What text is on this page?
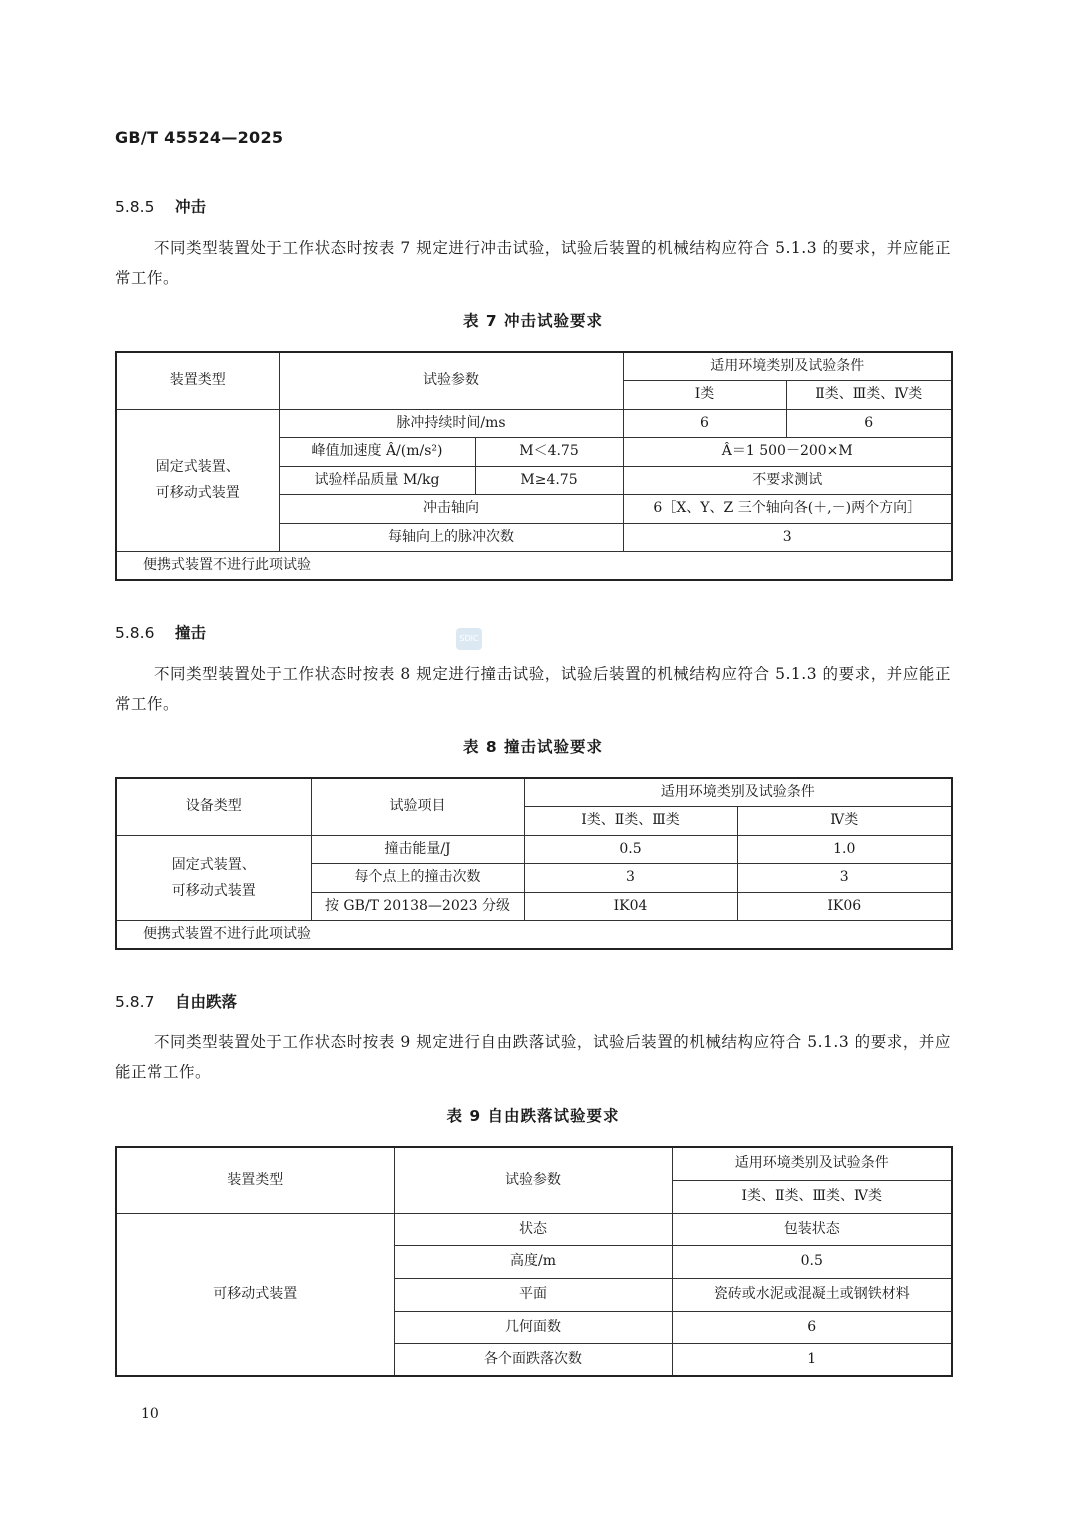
GB/T 45524—2025
5.8.5 冲击
不同类型装置处于工作状态时按表 7 规定进行冲击试验，试验后装置的机械结构应符合 5.1.3 的要求，并应能正常工作。
表 7 冲击试验要求
装置类型	试验参数		适用环境类别及试验条件	
			Ⅰ类	Ⅱ类、Ⅲ类、Ⅳ类
固定式装置、
可移动式装置	脉冲持续时间/ms		6	6
	峰值加速度 Â/(m/s²)	M＜4.75	Â＝1 500－200×M	
	试验样品质量 M/kg	M≥4.75	不要求测试	
	冲击轴向		6［X、Y、Z 三个轴向各(＋,－)两个方向］	
	每轴向上的脉冲次数		3	
便携式装置不进行此项试验				
SDIC
5.8.6 撞击
不同类型装置处于工作状态时按表 8 规定进行撞击试验，试验后装置的机械结构应符合 5.1.3 的要求，并应能正常工作。
表 8 撞击试验要求
设备类型	试验项目	适用环境类别及试验条件	
		Ⅰ类、Ⅱ类、Ⅲ类	Ⅳ类
固定式装置、
可移动式装置	撞击能量/J	0.5	1.0
	每个点上的撞击次数	3	3
	按 GB/T 20138—2023 分级	IK04	IK06
便携式装置不进行此项试验			
5.8.7 自由跌落
不同类型装置处于工作状态时按表 9 规定进行自由跌落试验，试验后装置的机械结构应符合 5.1.3 的要求，并应能正常工作。
表 9 自由跌落试验要求
装置类型	试验参数	适用环境类别及试验条件
		Ⅰ类、Ⅱ类、Ⅲ类、Ⅳ类
可移动式装置	状态	包装状态
	高度/m	0.5
	平面	瓷砖或水泥或混凝土或钢铁材料
	几何面数	6
	各个面跌落次数	1
10
